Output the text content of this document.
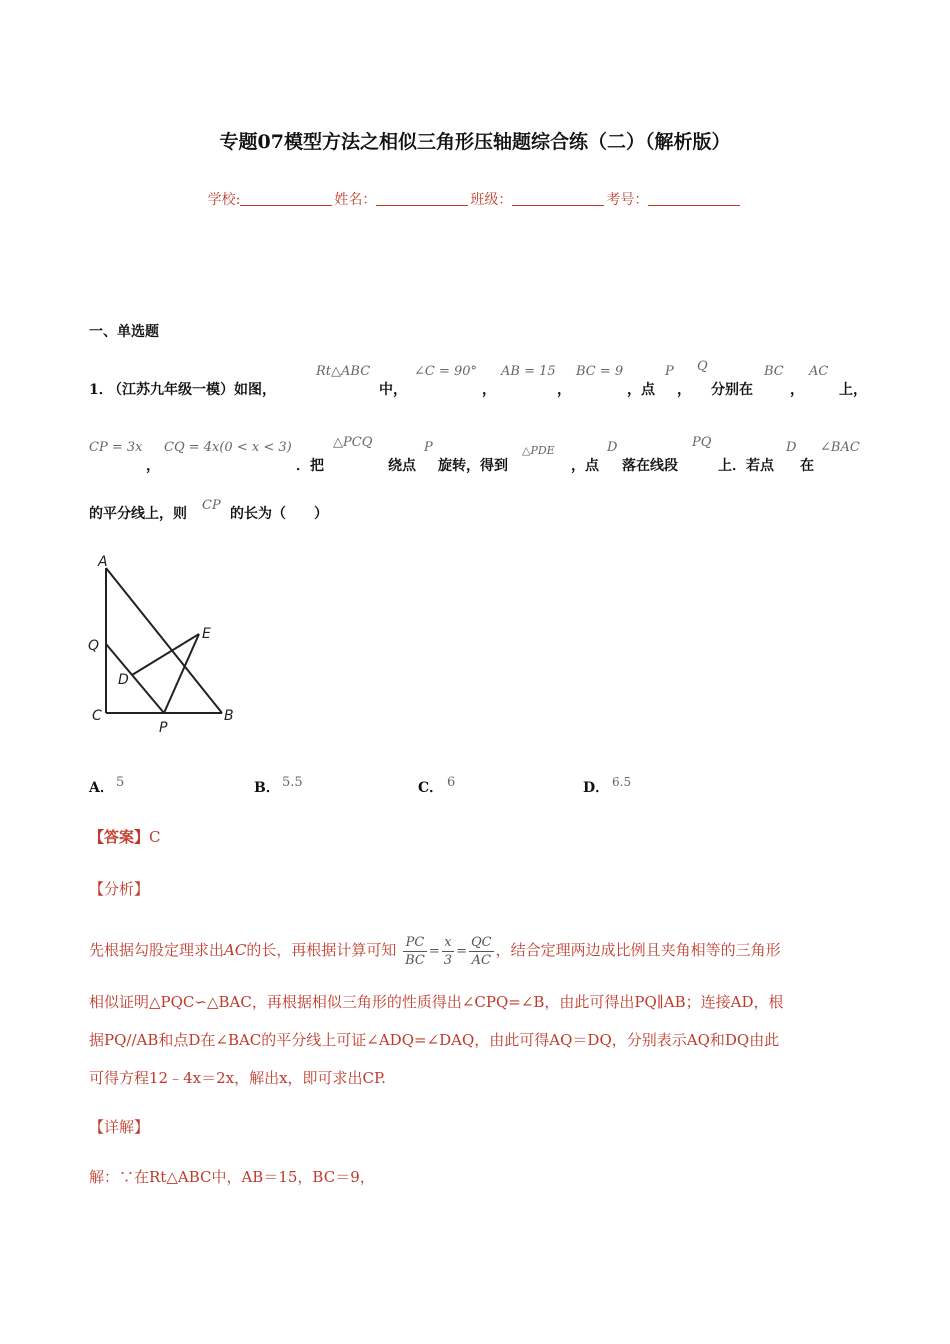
专题07模型方法之相似三角形压轴题综合练（二）（解析版）
学校:	姓名：	班级：	考号：
一、单选题
1．
（江苏九年级一模）如图，
Rt△ABC
中，
∠C = 90°
，
AB = 15
，
BC = 9
，点
P
，
Q
分别在
BC
，
AC
上，
CP = 3x
，
CQ = 4x(0 < x < 3)
．把
△PCQ
绕点
P
旋转，得到
△PDE
，点
D
落在线段
PQ
上．若点
D
在
∠BAC
的平分线上，则
CP
的长为（　　）
A
Q
D
E
C
P
B
A． 5	B． 5.5	C． 6	D． 6.5
【答案】C
【分析】
先根据勾股定理求出AC的长，再根据计算可知 $\frac{PC}{BC} = \frac{x}{3} = \frac{QC}{AC}$ ，结合定理两边成比例且夹角相等的三角形
相似证明△PQC∽△BAC，再根据相似三角形的性质得出∠CPQ=∠B，由此可得出PQ∥AB；连接AD，根
据PQ//AB和点D在∠BAC的平分线上可证∠ADQ=∠DAQ，由此可得AQ＝DQ，分别表示AQ和DQ由此
可得方程12﹣4x＝2x，解出x，即可求出CP.
【详解】
解：∵在Rt△ABC中，AB＝15，BC＝9，
